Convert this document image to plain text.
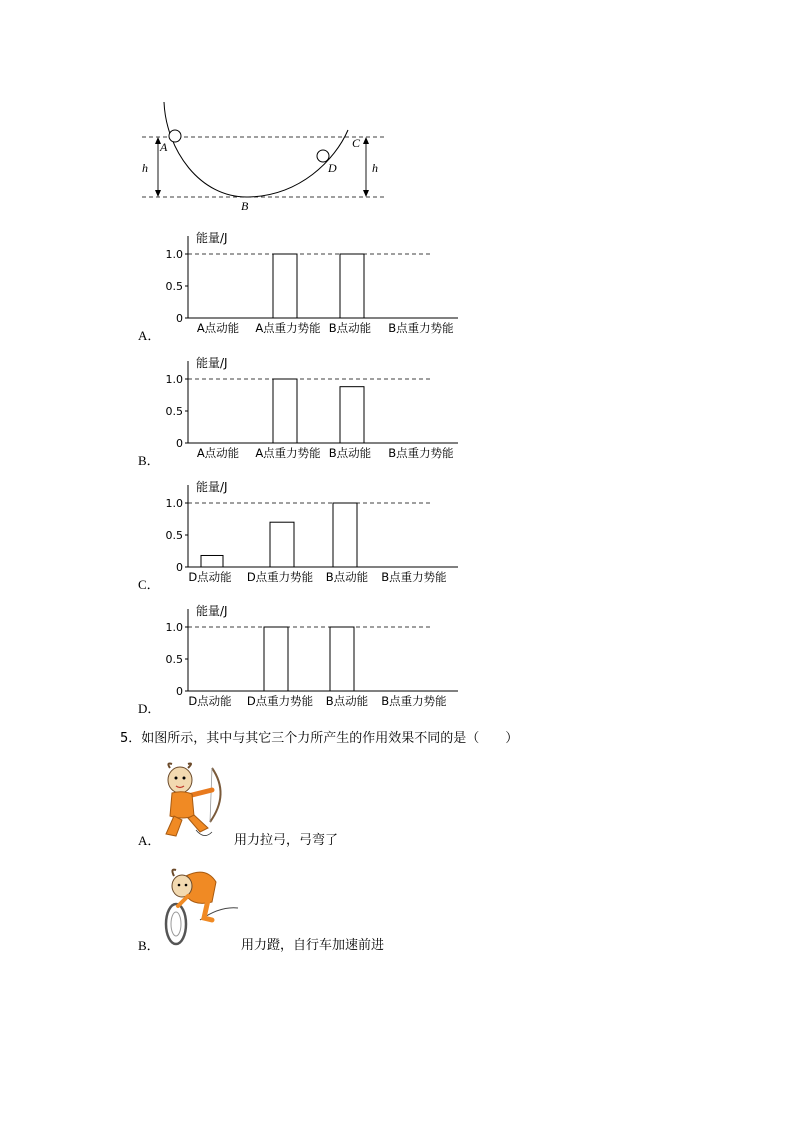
A
B
C
D
h	h
能量/J
0
0.5
1.0
A点动能 A点重力势能 B点动能 B点重力势能
A．
能量/J
0
0.5
1.0
A点动能 A点重力势能 B点动能 B点重力势能
B．
能量/J
0
0.5
1.0
D点动能 D点重力势能 B点动能 B点重力势能
C．
能量/J
0
0.5
1.0
D点动能 D点重力势能 B点动能 B点重力势能
D．
5．如图所示，其中与其它三个力所产生的作用效果不同的是（　　）
A．	用力拉弓，弓弯了
B．	用力蹬，自行车加速前进
